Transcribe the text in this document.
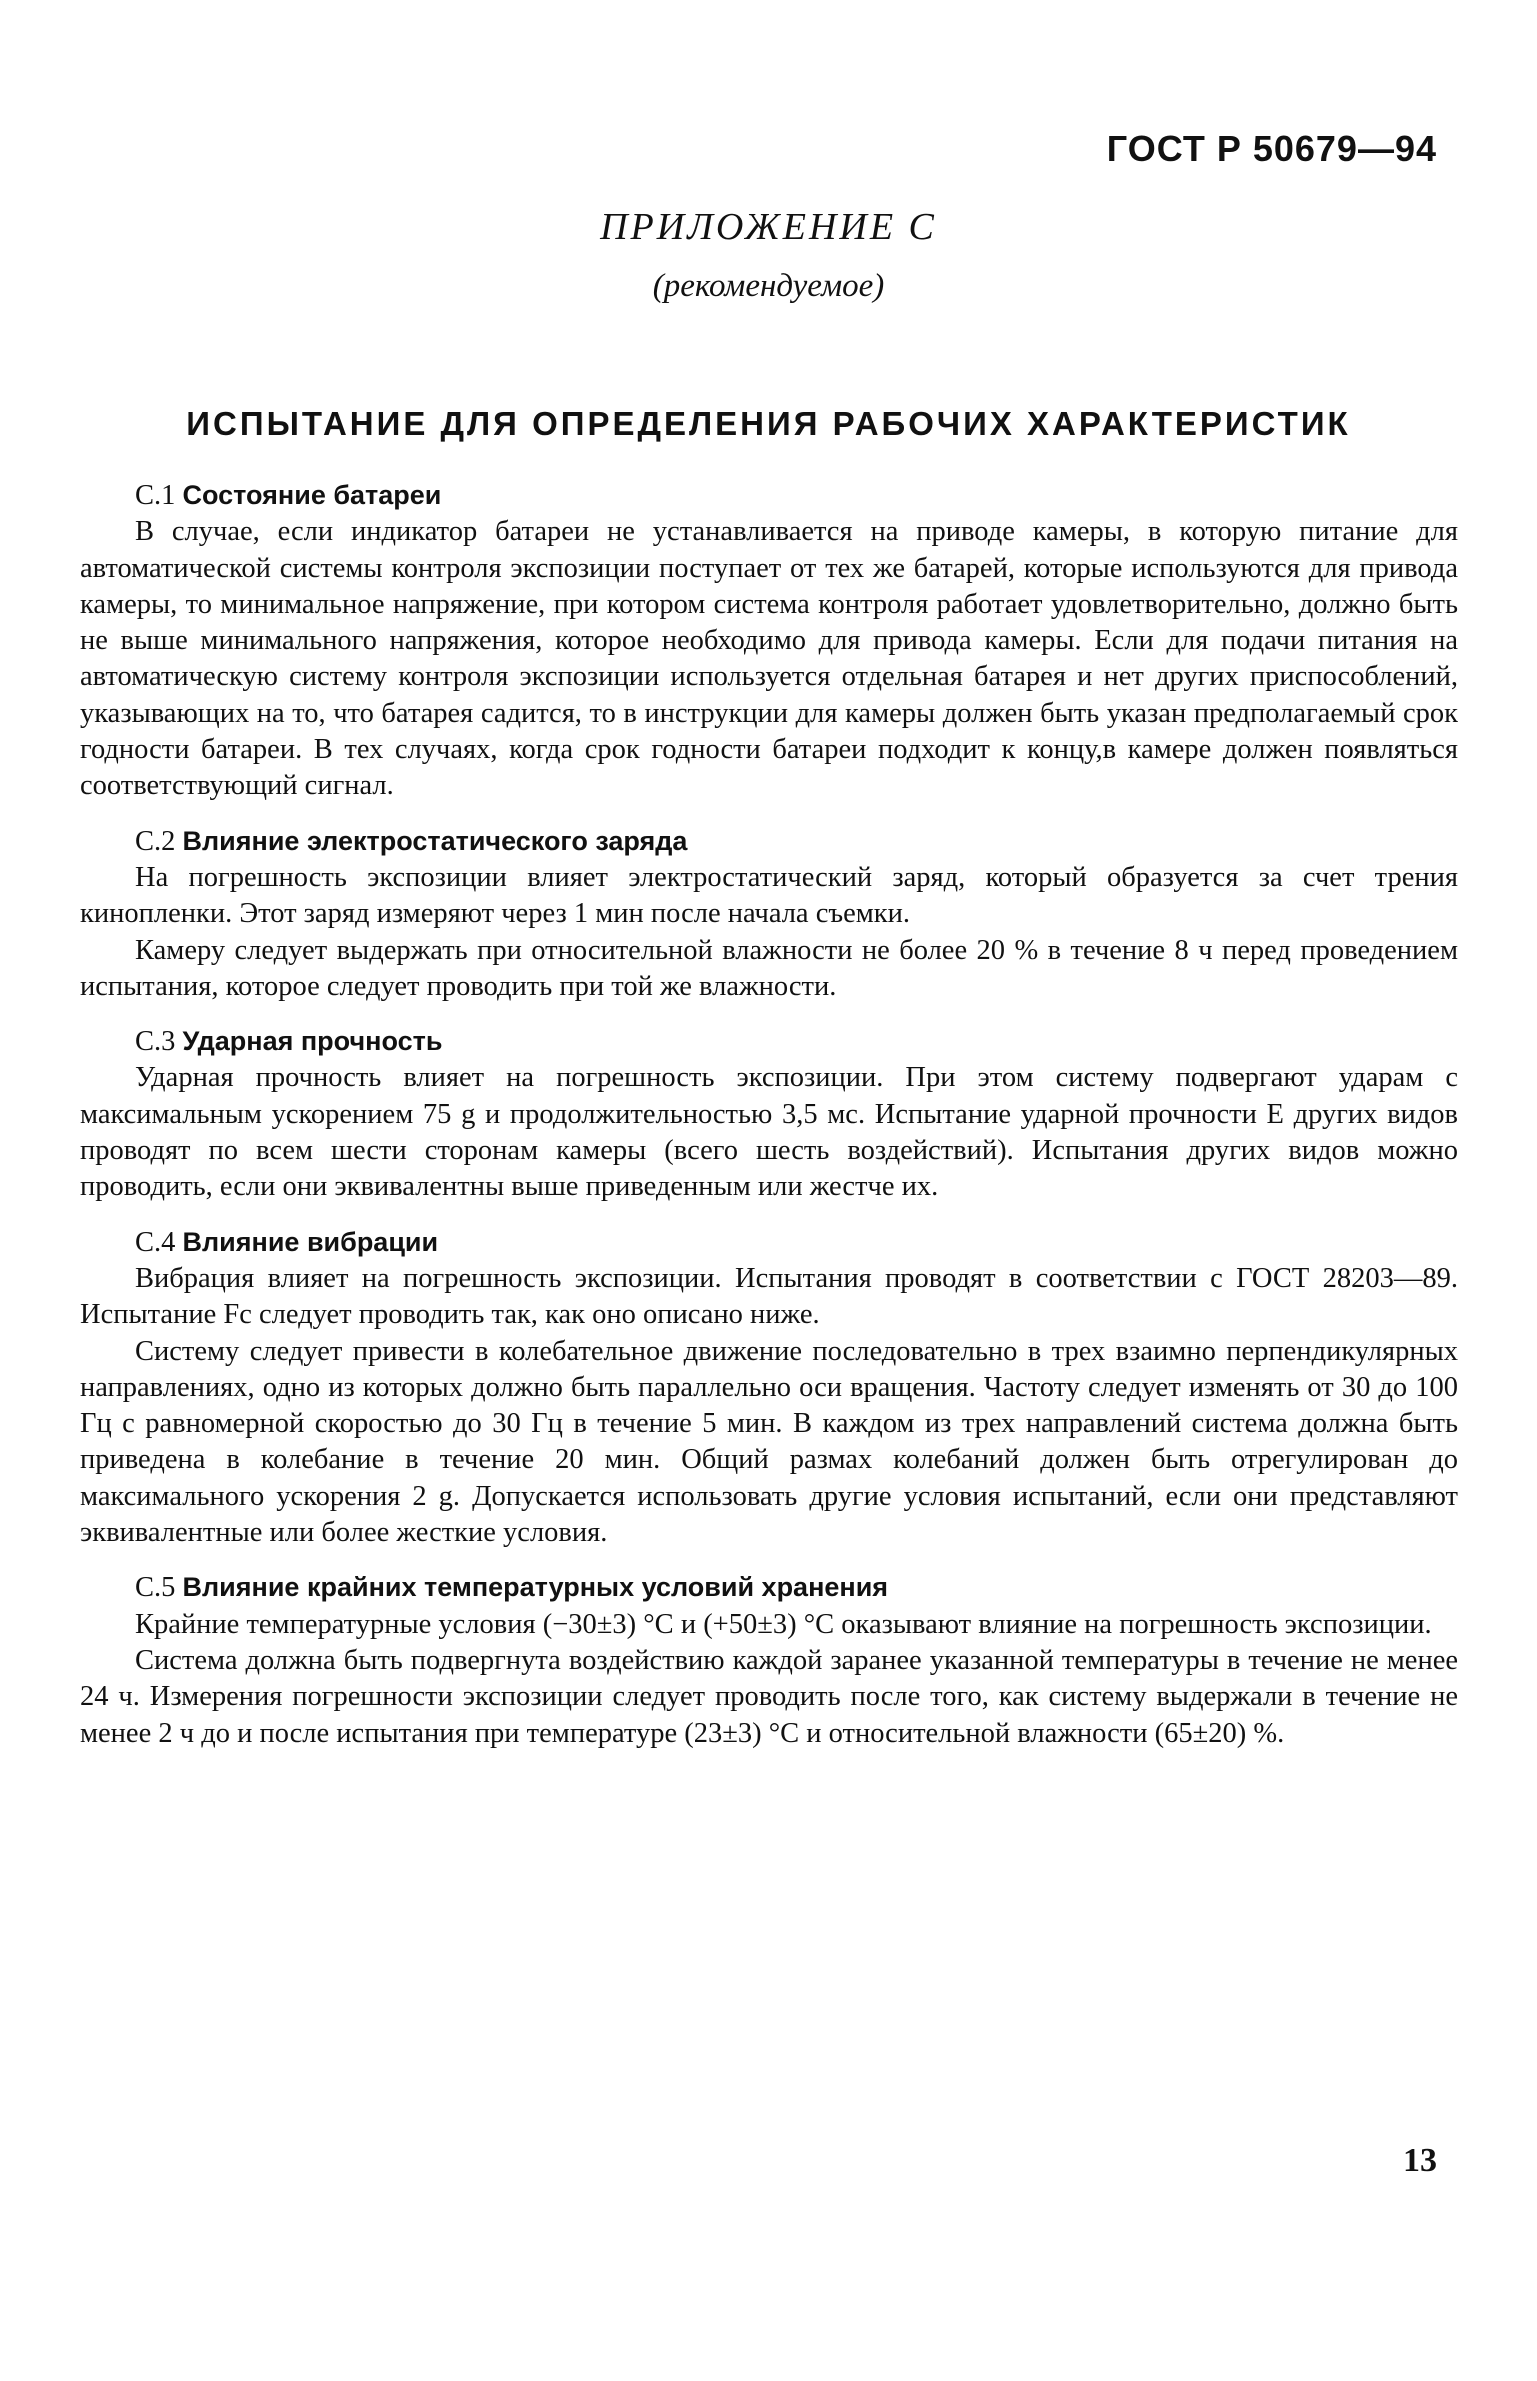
ГОСТ Р 50679—94
ПРИЛОЖЕНИЕ С
(рекомендуемое)
ИСПЫТАНИЕ ДЛЯ ОПРЕДЕЛЕНИЯ РАБОЧИХ ХАРАКТЕРИСТИК

С.1 Состояние батареи

В случае, если индикатор батареи не устанавливается на приводе камеры, в которую питание для автоматической системы контроля экспозиции поступает от тех же батарей, которые используются для привода камеры, то минимальное напряжение, при котором система контроля работает удовлетворительно, должно быть не выше минимального напряжения, которое необходимо для привода камеры. Если для подачи питания на автоматическую систему контроля экспозиции используется отдельная батарея и нет других приспособлений, указывающих на то, что батарея садится, то в инструкции для камеры должен быть указан предполагаемый срок годности батареи. В тех случаях, когда срок годности батареи подходит к концу,в камере должен появляться соответствующий сигнал.

С.2 Влияние электростатического заряда

На погрешность экспозиции влияет электростатический заряд, который образуется за счет трения кинопленки. Этот заряд измеряют через 1 мин после начала съемки.

Камеру следует выдержать при относительной влажности не более 20 % в течение 8 ч перед проведением испытания, которое следует проводить при той же влажности.

С.3 Ударная прочность

Ударная прочность влияет на погрешность экспозиции. При этом систему подвергают ударам с максимальным ускорением 75 g и продолжительностью 3,5 мс. Испытание ударной прочности E других видов проводят по всем шести сторонам камеры (всего шесть воздействий). Испытания других видов можно проводить, если они эквивалентны выше приведенным или жестче их.

С.4 Влияние вибрации

Вибрация влияет на погрешность экспозиции. Испытания проводят в соответствии с ГОСТ 28203—89. Испытание Fc следует проводить так, как оно описано ниже.

Систему следует привести в колебательное движение последовательно в трех взаимно перпендикулярных направлениях, одно из которых должно быть параллельно оси вращения. Частоту следует изменять от 30 до 100 Гц с равномерной скоростью до 30 Гц в течение 5 мин. В каждом из трех направлений система должна быть приведена в колебание в течение 20 мин. Общий размах колебаний должен быть отрегулирован до максимального ускорения 2 g. Допускается использовать другие условия испытаний, если они представляют эквивалентные или более жесткие условия.

С.5 Влияние крайних температурных условий хранения

Крайние температурные условия (−30±3) °С и (+50±3) °С оказывают влияние на погрешность экспозиции.

Система должна быть подвергнута воздействию каждой заранее указанной температуры в течение не менее 24 ч. Измерения погрешности экспозиции следует проводить после того, как систему выдержали в течение не менее 2 ч до и после испытания при температуре (23±3) °С и относительной влажности (65±20) %.

13
